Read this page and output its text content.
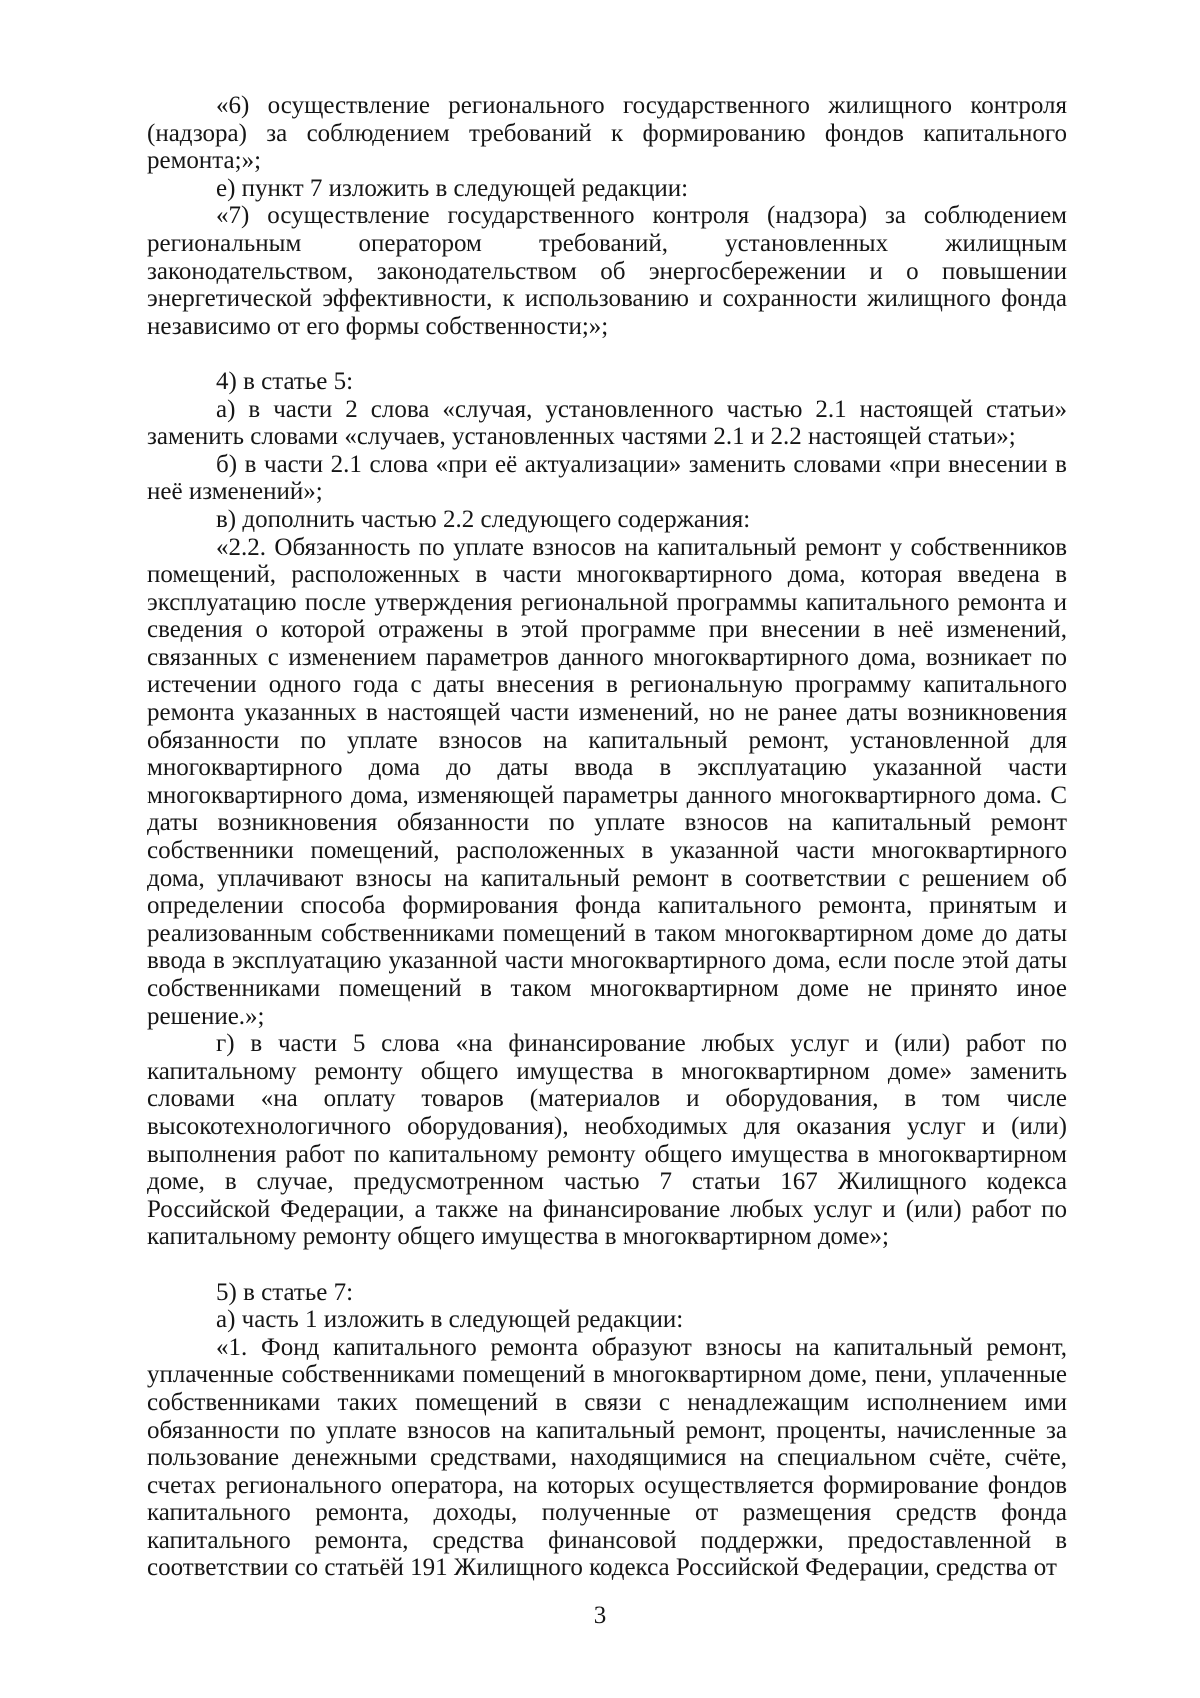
«6) осуществление регионального государственного жилищного контроля (надзора) за соблюдением требований к формированию фондов капитального ремонта;»;

е) пункт 7 изложить в следующей редакции:

«7) осуществление государственного контроля (надзора) за соблюдением региональным оператором требований, установленных жилищным законодательством, законодательством об энергосбережении и о повышении энергетической эффективности, к использованию и сохранности жилищного фонда независимо от его формы собственности;»;

4) в статье 5:

а) в части 2 слова «случая, установленного частью 2.1 настоящей статьи» заменить словами «случаев, установленных частями 2.1 и 2.2 настоящей статьи»;

б) в части 2.1 слова «при её актуализации» заменить словами «при внесении в неё изменений»;

в) дополнить частью 2.2 следующего содержания:

«2.2. Обязанность по уплате взносов на капитальный ремонт у собственников помещений, расположенных в части многоквартирного дома, которая введена в эксплуатацию после утверждения региональной программы капитального ремонта и сведения о которой отражены в этой программе при внесении в неё изменений, связанных с изменением параметров данного многоквартирного дома, возникает по истечении одного года с даты внесения в региональную программу капитального ремонта указанных в настоящей части изменений, но не ранее даты возникновения обязанности по уплате взносов на капитальный ремонт, установленной для многоквартирного дома до даты ввода в эксплуатацию указанной части многоквартирного дома, изменяющей параметры данного многоквартирного дома. С даты возникновения обязанности по уплате взносов на капитальный ремонт собственники помещений, расположенных в указанной части многоквартирного дома, уплачивают взносы на капитальный ремонт в соответствии с решением об определении способа формирования фонда капитального ремонта, принятым и реализованным собственниками помещений в таком многоквартирном доме до даты ввода в эксплуатацию указанной части многоквартирного дома, если после этой даты собственниками помещений в таком многоквартирном доме не принято иное решение.»;

г) в части 5 слова «на финансирование любых услуг и (или) работ по капитальному ремонту общего имущества в многоквартирном доме» заменить словами «на оплату товаров (материалов и оборудования, в том числе высокотехнологичного оборудования), необходимых для оказания услуг и (или) выполнения работ по капитальному ремонту общего имущества в многоквартирном доме, в случае, предусмотренном частью 7 статьи 167 Жилищного кодекса Российской Федерации, а также на финансирование любых услуг и (или) работ по капитальному ремонту общего имущества в многоквартирном доме»;

5) в статье 7:

а) часть 1 изложить в следующей редакции:

«1. Фонд капитального ремонта образуют взносы на капитальный ремонт, уплаченные собственниками помещений в многоквартирном доме, пени, уплаченные собственниками таких помещений в связи с ненадлежащим исполнением ими обязанности по уплате взносов на капитальный ремонт, проценты, начисленные за пользование денежными средствами, находящимися на специальном счёте, счёте, счетах регионального оператора, на которых осуществляется формирование фондов капитального ремонта, доходы, полученные от размещения средств фонда капитального ремонта, средства финансовой поддержки, предоставленной в соответствии со статьёй 191 Жилищного кодекса Российской Федерации, средства от

3
